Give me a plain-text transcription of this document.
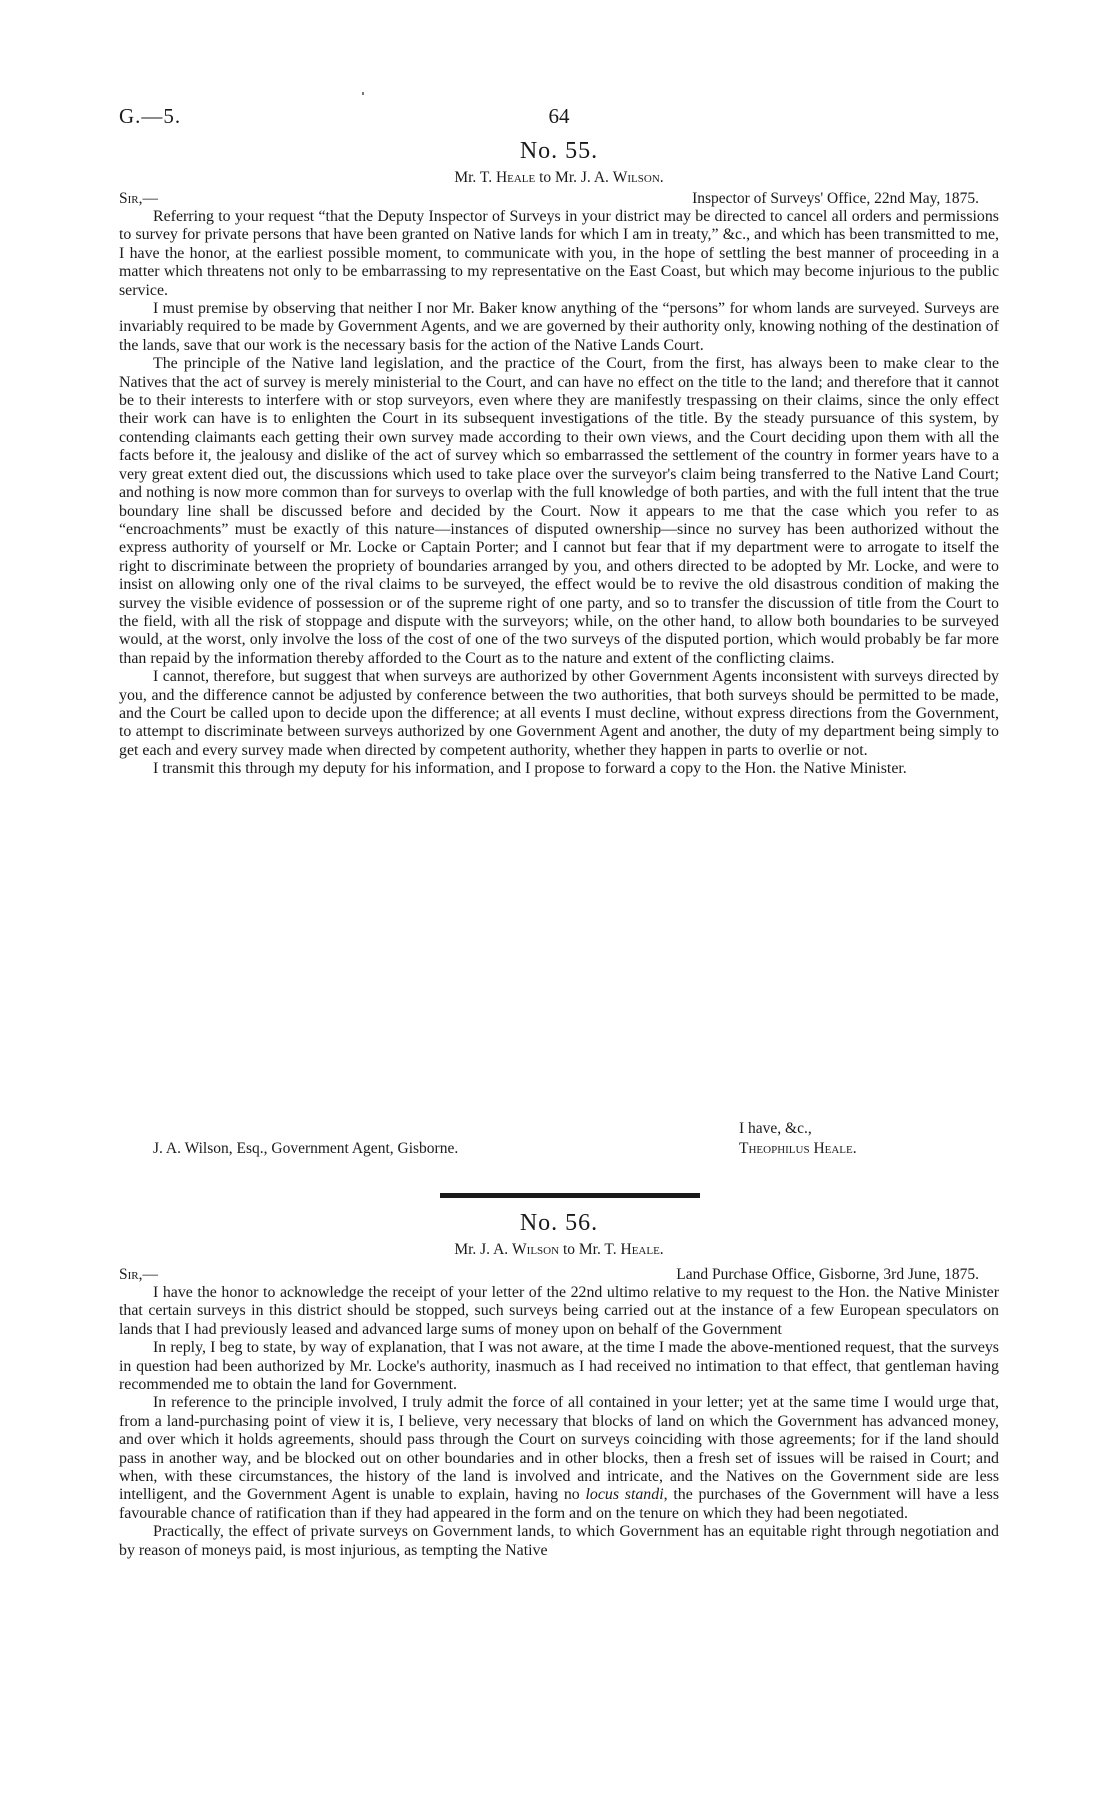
G.—5.	64
No. 55.
Mr. T. Heale to Mr. J. A. Wilson.
Sir,—	Inspector of Surveys' Office, 22nd May, 1875.

Referring to your request “that the Deputy Inspector of Surveys in your district may be directed to cancel all orders and permissions to survey for private persons that have been granted on Native lands for which I am in treaty,” &c., and which has been transmitted to me, I have the honor, at the earliest possible moment, to communicate with you, in the hope of settling the best manner of proceeding in a matter which threatens not only to be embarrassing to my representative on the East Coast, but which may become injurious to the public service.

I must premise by observing that neither I nor Mr. Baker know anything of the “persons” for whom lands are surveyed. Surveys are invariably required to be made by Government Agents, and we are governed by their authority only, knowing nothing of the destination of the lands, save that our work is the necessary basis for the action of the Native Lands Court.

The principle of the Native land legislation, and the practice of the Court, from the first, has always been to make clear to the Natives that the act of survey is merely ministerial to the Court, and can have no effect on the title to the land; and therefore that it cannot be to their interests to interfere with or stop surveyors, even where they are manifestly trespassing on their claims, since the only effect their work can have is to enlighten the Court in its subsequent investigations of the title. By the steady pursuance of this system, by contending claimants each getting their own survey made according to their own views, and the Court deciding upon them with all the facts before it, the jealousy and dislike of the act of survey which so embarrassed the settlement of the country in former years have to a very great extent died out, the discussions which used to take place over the surveyor's claim being transferred to the Native Land Court; and nothing is now more common than for surveys to overlap with the full knowledge of both parties, and with the full intent that the true boundary line shall be discussed before and decided by the Court. Now it appears to me that the case which you refer to as “encroachments” must be exactly of this nature—instances of disputed ownership—since no survey has been authorized without the express authority of yourself or Mr. Locke or Captain Porter; and I cannot but fear that if my department were to arrogate to itself the right to discriminate between the propriety of boundaries arranged by you, and others directed to be adopted by Mr. Locke, and were to insist on allowing only one of the rival claims to be surveyed, the effect would be to revive the old disastrous condition of making the survey the visible evidence of possession or of the supreme right of one party, and so to transfer the discussion of title from the Court to the field, with all the risk of stoppage and dispute with the surveyors; while, on the other hand, to allow both boundaries to be surveyed would, at the worst, only involve the loss of the cost of one of the two surveys of the disputed portion, which would probably be far more than repaid by the information thereby afforded to the Court as to the nature and extent of the conflicting claims.

I cannot, therefore, but suggest that when surveys are authorized by other Government Agents inconsistent with surveys directed by you, and the difference cannot be adjusted by conference between the two authorities, that both surveys should be permitted to be made, and the Court be called upon to decide upon the difference; at all events I must decline, without express directions from the Government, to attempt to discriminate between surveys authorized by one Government Agent and another, the duty of my department being simply to get each and every survey made when directed by competent authority, whether they happen in parts to overlie or not.

I transmit this through my deputy for his information, and I propose to forward a copy to the Hon. the Native Minister.

I have, &c.,
J. A. Wilson, Esq., Government Agent, Gisborne.	Theophilus Heale.
No. 56.
Mr. J. A. Wilson to Mr. T. Heale.
Sir,—	Land Purchase Office, Gisborne, 3rd June, 1875.

I have the honor to acknowledge the receipt of your letter of the 22nd ultimo relative to my request to the Hon. the Native Minister that certain surveys in this district should be stopped, such surveys being carried out at the instance of a few European speculators on lands that I had previously leased and advanced large sums of money upon on behalf of the Government

In reply, I beg to state, by way of explanation, that I was not aware, at the time I made the above-mentioned request, that the surveys in question had been authorized by Mr. Locke's authority, inasmuch as I had received no intimation to that effect, that gentleman having recommended me to obtain the land for Government.

In reference to the principle involved, I truly admit the force of all contained in your letter; yet at the same time I would urge that, from a land-purchasing point of view it is, I believe, very necessary that blocks of land on which the Government has advanced money, and over which it holds agreements, should pass through the Court on surveys coinciding with those agreements; for if the land should pass in another way, and be blocked out on other boundaries and in other blocks, then a fresh set of issues will be raised in Court; and when, with these circumstances, the history of the land is involved and intricate, and the Natives on the Government side are less intelligent, and the Government Agent is unable to explain, having no locus standi, the purchases of the Government will have a less favourable chance of ratification than if they had appeared in the form and on the tenure on which they had been negotiated.

Practically, the effect of private surveys on Government lands, to which Government has an equitable right through negotiation and by reason of moneys paid, is most injurious, as tempting the Native
